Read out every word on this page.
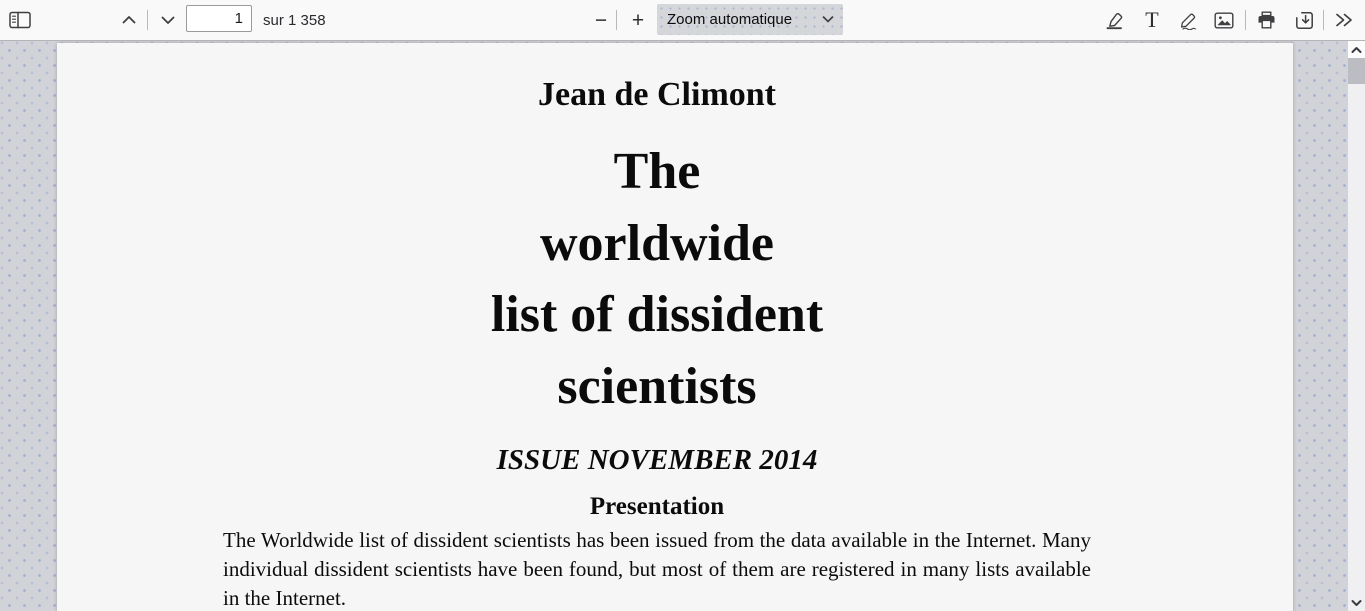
1
sur 1 358	−	+	Zoom automatique	T
Jean de Climont
The
worldwide
list of dissident
scientists
ISSUE NOVEMBER 2014
Presentation
The Worldwide list of dissident scientists has been issued from the data available in the Internet. Many individual dissident scientists have been found, but most of them are registered in many lists available in the Internet.
